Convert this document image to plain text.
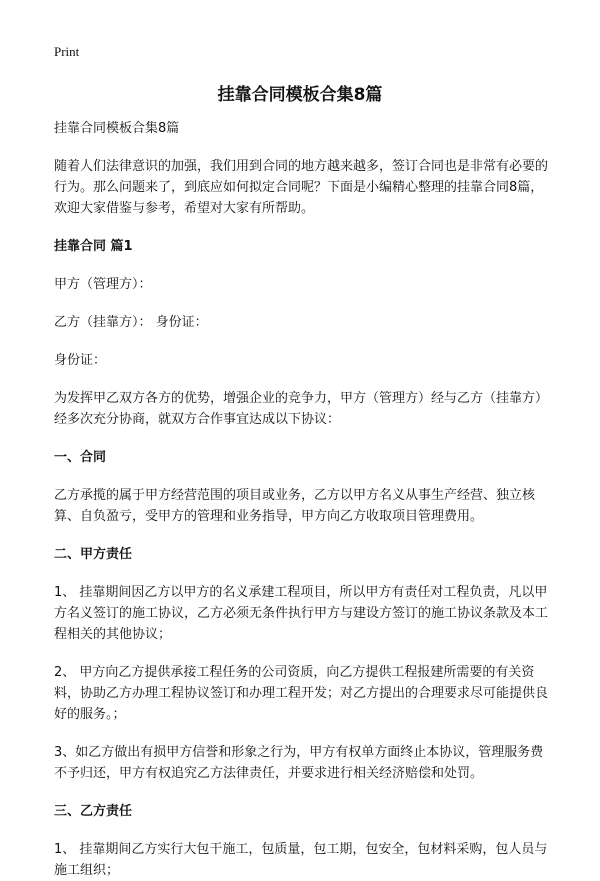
Print
挂靠合同模板合集8篇

挂靠合同模板合集8篇

随着人们法律意识的加强，我们用到合同的地方越来越多，签订合同也是非常有必要的行为。那么问题来了，到底应如何拟定合同呢？下面是小编精心整理的挂靠合同8篇，欢迎大家借鉴与参考，希望对大家有所帮助。

挂靠合同 篇1

甲方（管理方）：

乙方（挂靠方）： 身份证：

身份证：

为发挥甲乙双方各方的优势，增强企业的竞争力，甲方（管理方）经与乙方（挂靠方）经多次充分协商，就双方合作事宜达成以下协议：

一、合同

乙方承揽的属于甲方经营范围的项目或业务，乙方以甲方名义从事生产经营、独立核算、自负盈亏，受甲方的管理和业务指导，甲方向乙方收取项目管理费用。

二、甲方责任

1、 挂靠期间因乙方以甲方的名义承建工程项目，所以甲方有责任对工程负责，凡以甲方名义签订的施工协议，乙方必须无条件执行甲方与建设方签订的施工协议条款及本工程相关的其他协议；

2、 甲方向乙方提供承接工程任务的公司资质，向乙方提供工程报建所需要的有关资料，协助乙方办理工程协议签订和办理工程开发；对乙方提出的合理要求尽可能提供良好的服务。；

3、如乙方做出有损甲方信誉和形象之行为，甲方有权单方面终止本协议，管理服务费不予归还，甲方有权追究乙方法律责任，并要求进行相关经济赔偿和处罚。

三、乙方责任

1、 挂靠期间乙方实行大包干施工，包质量，包工期，包安全，包材料采购，包人员与施工组织；
